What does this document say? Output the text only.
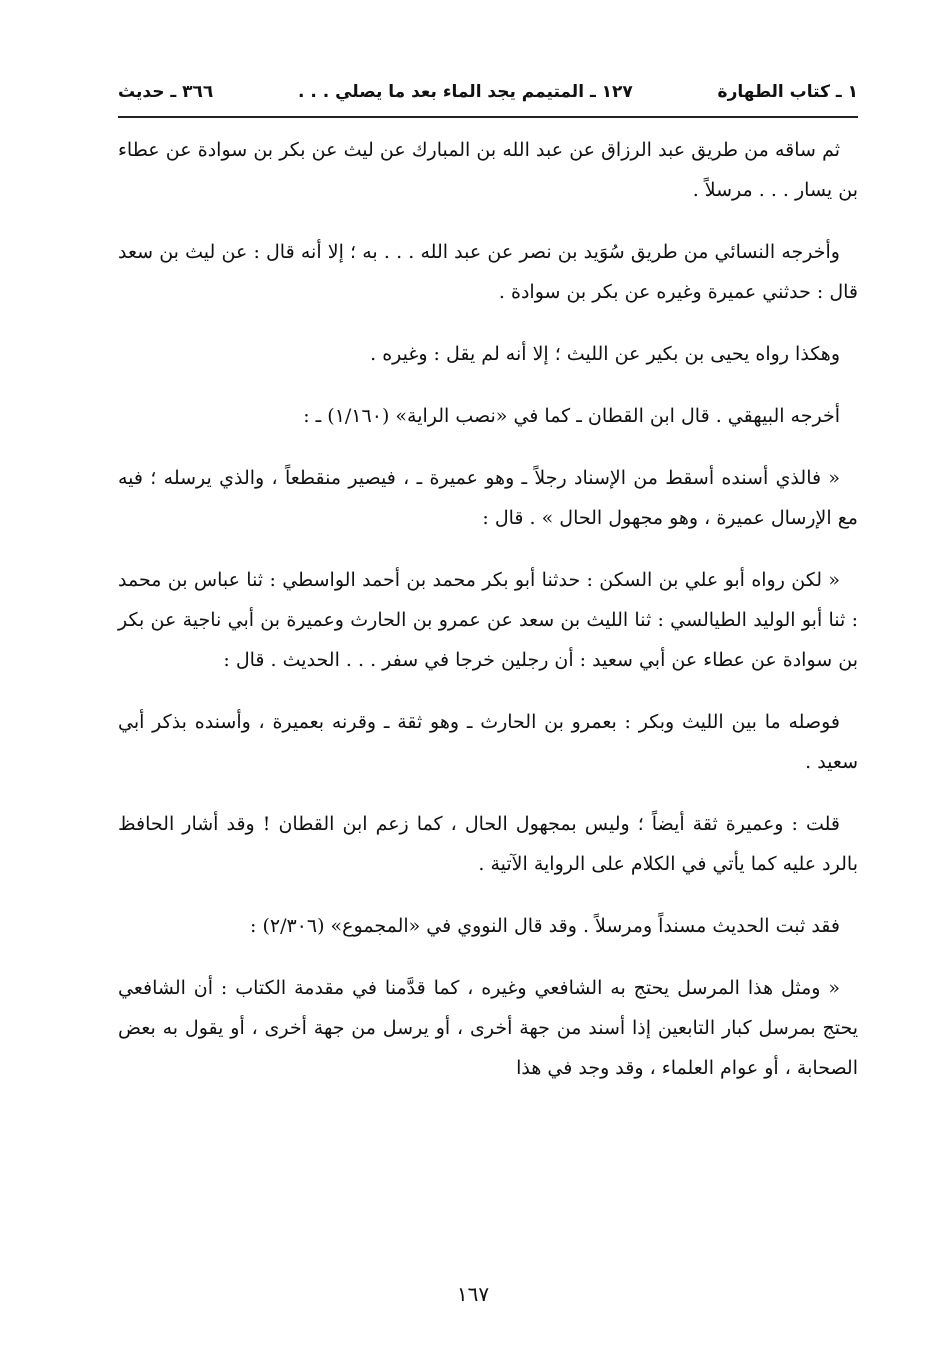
١ ـ كتاب الطهارة
١٢٧ ـ المتيمم يجد الماء بعد ما يصلي . . .
٣٦٦ ـ حديث

ثم ساقه من طريق عبد الرزاق عن عبد الله بن المبارك عن ليث عن بكر بن سوادة عن عطاء بن يسار . . . مرسلاً .

وأخرجه النسائي من طريق سُوَيد بن نصر عن عبد الله . . . به ؛ إلا أنه قال : عن ليث بن سعد قال : حدثني عميرة وغيره عن بكر بن سوادة .

وهكذا رواه يحيى بن بكير عن الليث ؛ إلا أنه لم يقل : وغيره .

أخرجه البيهقي . قال ابن القطان ـ كما في «نصب الراية» (١/١٦٠) ـ :

« فالذي أسنده أسقط من الإسناد رجلاً ـ وهو عميرة ـ ، فيصير منقطعاً ، والذي يرسله ؛ فيه مع الإرسال عميرة ، وهو مجهول الحال » . قال :

« لكن رواه أبو علي بن السكن : حدثنا أبو بكر محمد بن أحمد الواسطي : ثنا عباس بن محمد : ثنا أبو الوليد الطيالسي : ثنا الليث بن سعد عن عمرو بن الحارث وعميرة بن أبي ناجية عن بكر بن سوادة عن عطاء عن أبي سعيد : أن رجلين خرجا في سفر . . . الحديث . قال :

فوصله ما بين الليث وبكر : بعمرو بن الحارث ـ وهو ثقة ـ وقرنه بعميرة ، وأسنده بذكر أبي سعيد .

قلت : وعميرة ثقة أيضاً ؛ وليس بمجهول الحال ، كما زعم ابن القطان ! وقد أشار الحافظ بالرد عليه كما يأتي في الكلام على الرواية الآتية .

فقد ثبت الحديث مسنداً ومرسلاً . وقد قال النووي في «المجموع» (٢/٣٠٦) :

« ومثل هذا المرسل يحتج به الشافعي وغيره ، كما قدَّمنا في مقدمة الكتاب : أن الشافعي يحتج بمرسل كبار التابعين إذا أسند من جهة أخرى ، أو يرسل من جهة أخرى ، أو يقول به بعض الصحابة ، أو عوام العلماء ، وقد وجد في هذا

١٦٧
